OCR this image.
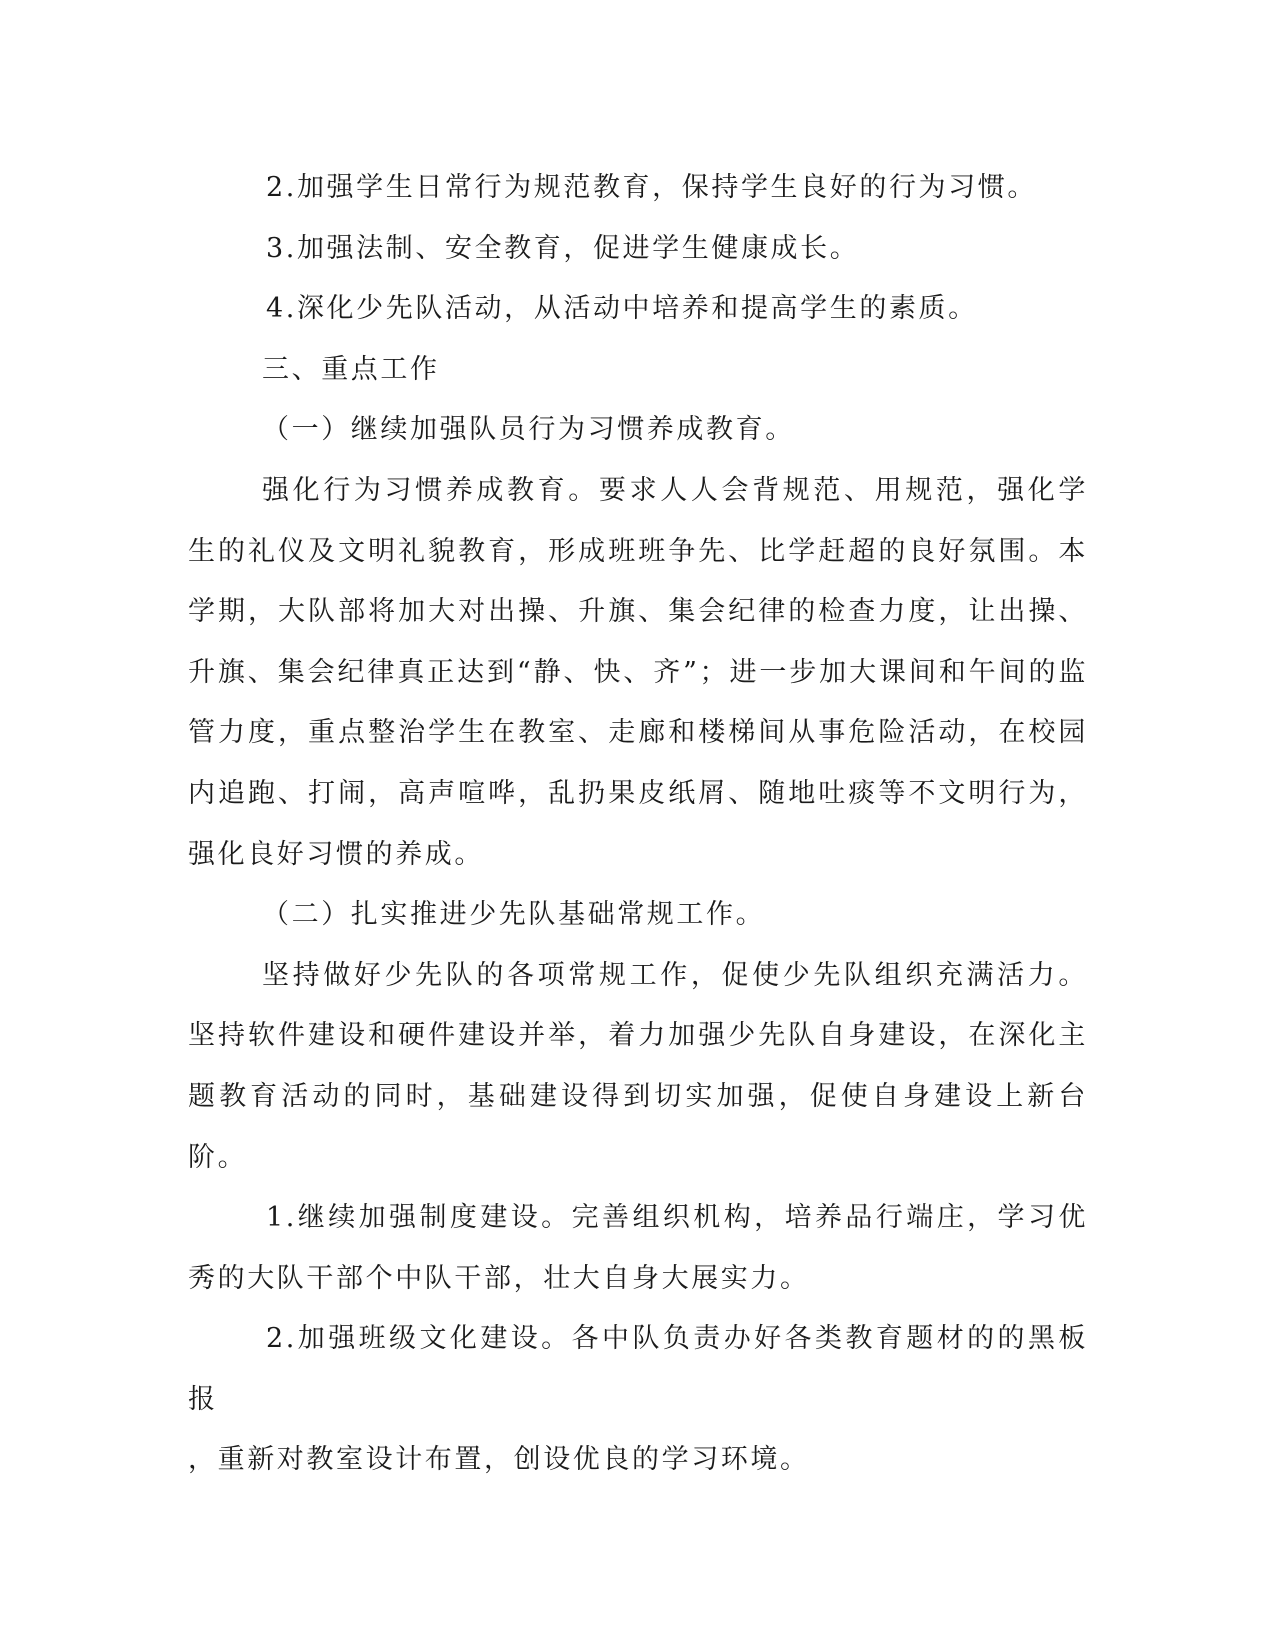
2.加强学生日常行为规范教育，保持学生良好的行为习惯。

3.加强法制、安全教育，促进学生健康成长。

4.深化少先队活动，从活动中培养和提高学生的素质。

三、重点工作

（一）继续加强队员行为习惯养成教育。

强化行为习惯养成教育。要求人人会背规范、用规范，强化学生的礼仪及文明礼貌教育，形成班班争先、比学赶超的良好氛围。本学期，大队部将加大对出操、升旗、集会纪律的检查力度，让出操、升旗、集会纪律真正达到“静、快、齐”；进一步加大课间和午间的监管力度，重点整治学生在教室、走廊和楼梯间从事危险活动，在校园内追跑、打闹，高声喧哗，乱扔果皮纸屑、随地吐痰等不文明行为，强化良好习惯的养成。

（二）扎实推进少先队基础常规工作。

坚持做好少先队的各项常规工作，促使少先队组织充满活力。坚持软件建设和硬件建设并举，着力加强少先队自身建设，在深化主题教育活动的同时，基础建设得到切实加强，促使自身建设上新台阶。

1.继续加强制度建设。完善组织机构，培养品行端庄，学习优秀的大队干部个中队干部，壮大自身大展实力。

2.加强班级文化建设。各中队负责办好各类教育题材的的黑板报

，重新对教室设计布置，创设优良的学习环境。
